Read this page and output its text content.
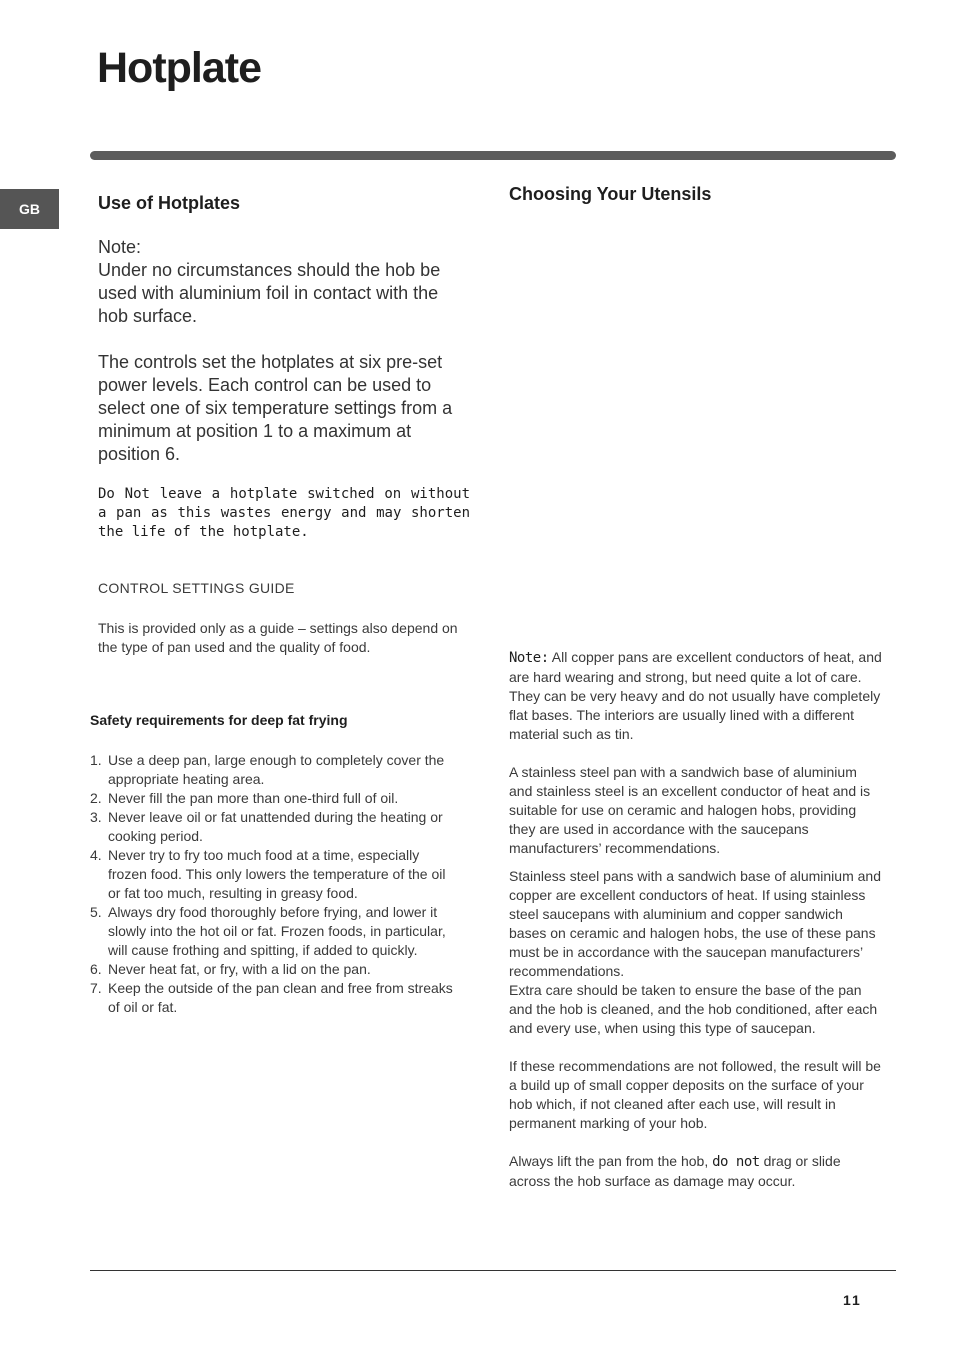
Hotplate
GB	Use of Hotplates

Note:

Under no circumstances should the hob be used with aluminium foil in contact with the hob surface.

The controls set the hotplates at six pre-set power levels. Each control can be used to select one of six temperature settings from a minimum at position 1 to a maximum at position 6.

Do Not leave a hotplate switched on without a pan as this wastes energy and may shorten the life of the hotplate.

CONTROL SETTINGS GUIDE

This is provided only as a guide – settings also depend on the type of pan used and the quality of food.

Safety requirements for deep fat frying

1. Use a deep pan, large enough to completely cover the appropriate heating area.
2. Never fill the pan more than one-third full of oil.
3. Never leave oil or fat unattended during the heating or cooking period.
4. Never try to fry too much food at a time, especially frozen food. This only lowers the temperature of the oil or fat too much, resulting in greasy food.
5. Always dry food thoroughly before frying, and lower it slowly into the hot oil or fat. Frozen foods, in particular, will cause frothing and spitting, if added to quickly.
6. Never heat fat, or fry, with a lid on the pan.
7. Keep the outside of the pan clean and free from streaks of oil or fat.
Choosing Your Utensils

Note: All copper pans are excellent conductors of heat, and are hard wearing and strong, but need quite a lot of care. They can be very heavy and do not usually have completely flat bases. The interiors are usually lined with a different material such as tin.

A stainless steel pan with a sandwich base of aluminium and stainless steel is an excellent conductor of heat and is suitable for use on ceramic and halogen hobs, providing they are used in accordance with the saucepans manufacturers’ recommendations.

Stainless steel pans with a sandwich base of aluminium and copper are excellent conductors of heat. If using stainless steel saucepans with aluminium and copper sandwich bases on ceramic and halogen hobs, the use of these pans must be in accordance with the saucepan manufacturers’ recommendations.

Extra care should be taken to ensure the base of the pan and the hob is cleaned, and the hob conditioned, after each and every use, when using this type of saucepan.

If these recommendations are not followed, the result will be a build up of small copper deposits on the surface of your hob which, if not cleaned after each use, will result in permanent marking of your hob.

Always lift the pan from the hob, do not drag or slide across the hob surface as damage may occur.

11
